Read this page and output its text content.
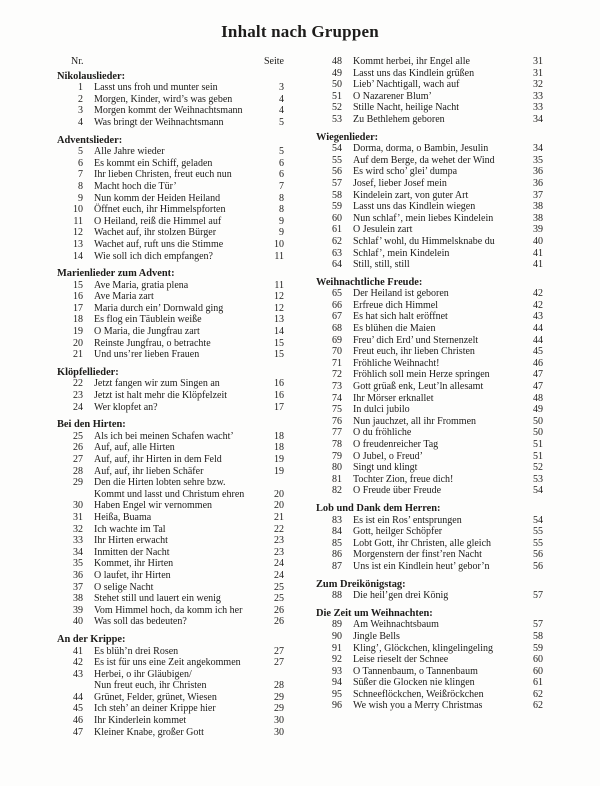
Inhalt nach Gruppen
Nr.	Seite
Nikolauslieder:
1	Lasst uns froh und munter sein	3
2	Morgen, Kinder, wird’s was geben	4
3	Morgen kommt der Weihnachtsmann	4
4	Was bringt der Weihnachtsmann	5
Adventslieder:
5	Alle Jahre wieder	5
6	Es kommt ein Schiff, geladen	6
7	Ihr lieben Christen, freut euch nun	6
8	Macht hoch die Tür’	7
9	Nun komm der Heiden Heiland	8
10	Öffnet euch, ihr Himmelspforten	8
11	O Heiland, reiß die Himmel auf	9
12	Wachet auf, ihr stolzen Bürger	9
13	Wachet auf, ruft uns die Stimme	10
14	Wie soll ich dich empfangen?	11
Marienlieder zum Advent:
15	Ave Maria, gratia plena	11
16	Ave Maria zart	12
17	Maria durch ein’ Dornwald ging	12
18	Es flog ein Täublein weiße	13
19	O Maria, die Jungfrau zart	14
20	Reinste Jungfrau, o betrachte	15
21	Und uns’rer lieben Frauen	15
Klöpfellieder:
22	Jetzt fangen wir zum Singen an	16
23	Jetzt ist halt mehr die Klöpfelzeit	16
24	Wer klopfet an?	17
Bei den Hirten:
25	Als ich bei meinen Schafen wacht’	18
26	Auf, auf, alle Hirten	18
27	Auf, auf, ihr Hirten in dem Feld	19
28	Auf, auf, ihr lieben Schäfer	19
29	Den die Hirten lobten sehre bzw.
Kommt und lasst und Christum ehren	20
30	Haben Engel wir vernommen	20
31	Heißa, Buama	21
32	Ich wachte im Tal	22
33	Ihr Hirten erwacht	23
34	Inmitten der Nacht	23
35	Kommet, ihr Hirten	24
36	O laufet, ihr Hirten	24
37	O selige Nacht	25
38	Stehet still und lauert ein wenig	25
39	Vom Himmel hoch, da komm ich her	26
40	Was soll das bedeuten?	26
An der Krippe:
41	Es blüh’n drei Rosen	27
42	Es ist für uns eine Zeit angekommen	27
43	Herbei, o ihr Gläubigen/
Nun freut euch, ihr Christen	28
44	Grünet, Felder, grünet, Wiesen	29
45	Ich steh’ an deiner Krippe hier	29
46	Ihr Kinderlein kommet	30
47	Kleiner Knabe, großer Gott	30
48	Kommt herbei, ihr Engel alle	31
49	Lasst uns das Kindlein grüßen	31
50	Lieb’ Nachtigall, wach auf	32
51	O Nazarener Blum’	33
52	Stille Nacht, heilige Nacht	33
53	Zu Bethlehem geboren	34
Wiegenlieder:
54	Dorma, dorma, o Bambin, Jesulin	34
55	Auf dem Berge, da wehet der Wind	35
56	Es wird scho’ glei’ dumpa	36
57	Josef, lieber Josef mein	36
58	Kindelein zart, von guter Art	37
59	Lasst uns das Kindlein wiegen	38
60	Nun schlaf’, mein liebes Kindelein	38
61	O Jesulein zart	39
62	Schlaf’ wohl, du Himmelsknabe du	40
63	Schlaf’, mein Kindelein	41
64	Still, still, still	41
Weihnachtliche Freude:
65	Der Heiland ist geboren	42
66	Erfreue dich Himmel	42
67	Es hat sich halt eröffnet	43
68	Es blühen die Maien	44
69	Freu’ dich Erd’ und Sternenzelt	44
70	Freut euch, ihr lieben Christen	45
71	Fröhliche Weihnacht!	46
72	Fröhlich soll mein Herze springen	47
73	Gott grüaß enk, Leut’ln allesamt	47
74	Ihr Mörser erknallet	48
75	In dulci jubilo	49
76	Nun jauchzet, all ihr Frommen	50
77	O du fröhliche	50
78	O freudenreicher Tag	51
79	O Jubel, o Freud’	51
80	Singt und klingt	52
81	Tochter Zion, freue dich!	53
82	O Freude über Freude	54
Lob und Dank dem Herren:
83	Es ist ein Ros’ entsprungen	54
84	Gott, heilger Schöpfer	55
85	Lobt Gott, ihr Christen, alle gleich	55
86	Morgenstern der finst’ren Nacht	56
87	Uns ist ein Kindlein heut’ gebor’n	56
Zum Dreikönigstag:
88	Die heil’gen drei König	57
Die Zeit um Weihnachten:
89	Am Weihnachtsbaum	57
90	Jingle Bells	58
91	Kling’, Glöckchen, klingelingeling	59
92	Leise rieselt der Schnee	60
93	O Tannenbaum, o Tannenbaum	60
94	Süßer die Glocken nie klingen	61
95	Schneeflöckchen, Weißröckchen	62
96	We wish you a Merry Christmas	62
